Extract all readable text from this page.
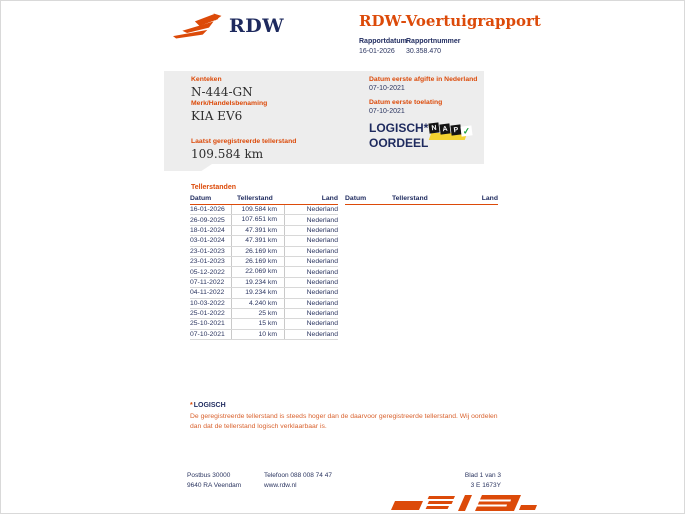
RDW	RDW-Voertuigrapport
Rapportdatum
16-01-2026
Rapportnummer
30.358.470
Kenteken
N-444-GN
Merk/Handelsbenaming
KIA EV6
Laatst geregistreerde tellerstand
109.584 km
Datum eerste afgifte in Nederland
07-10-2021
Datum eerste toelating
07-10-2021
LOGISCH*
OORDEEL
N A P ✓
Tellerstanden
Datum	Tellerstand	Land
16-01-2026	109.584 km	Nederland
26-09-2025	107.651 km	Nederland
18-01-2024	47.391 km	Nederland
03-01-2024	47.391 km	Nederland
23-01-2023	26.169 km	Nederland
23-01-2023	26.169 km	Nederland
05-12-2022	22.069 km	Nederland
07-11-2022	19.234 km	Nederland
04-11-2022	19.234 km	Nederland
10-03-2022	4.240 km	Nederland
25-01-2022	25 km	Nederland
25-10-2021	15 km	Nederland
07-10-2021	10 km	Nederland
Datum	Tellerstand	Land
*LOGISCH
De geregistreerde tellerstand is steeds hoger dan de daarvoor geregistreerde tellerstand. Wij oordelen dan dat de tellerstand logisch verklaarbaar is.
Postbus 30000
9640 RA Veendam
Telefoon 088 008 74 47
www.rdw.nl
Blad 1 van 3
3 E 1673Y
